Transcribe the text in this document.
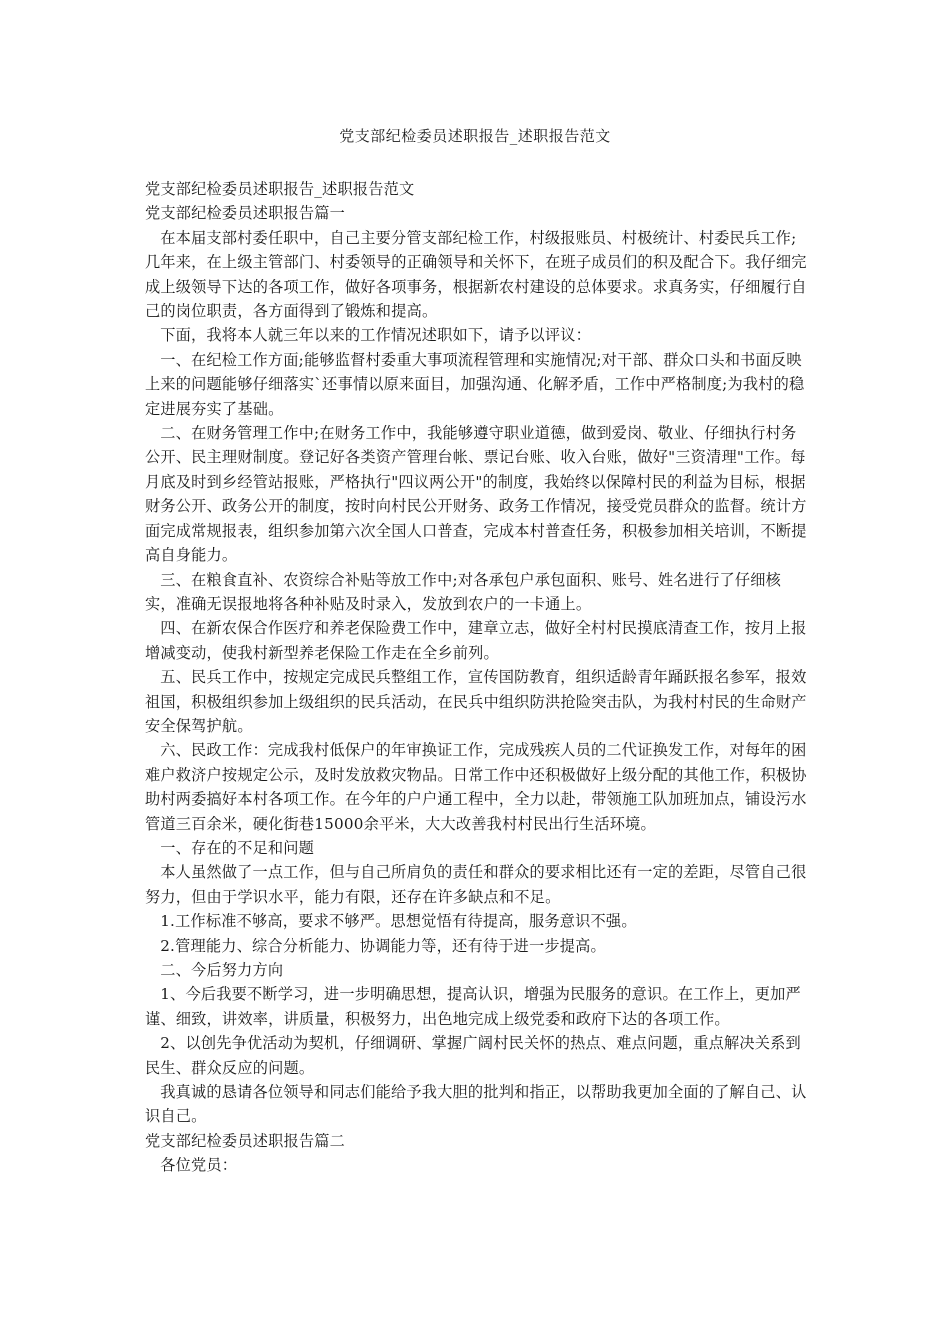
党支部纪检委员述职报告_述职报告范文

党支部纪检委员述职报告_述职报告范文

党支部纪检委员述职报告篇一

在本届支部村委任职中，自己主要分管支部纪检工作，村级报账员、村极统计、村委民兵工作;几年来，在上级主管部门、村委领导的正确领导和关怀下，在班子成员们的积及配合下。我仔细完成上级领导下达的各项工作，做好各项事务，根据新农村建设的总体要求。求真务实，仔细履行自己的岗位职责，各方面得到了锻炼和提高。

下面，我将本人就三年以来的工作情况述职如下，请予以评议：

一、在纪检工作方面;能够监督村委重大事项流程管理和实施情况;对干部、群众口头和书面反映上来的问题能够仔细落实`还事情以原来面目，加强沟通、化解矛盾，工作中严格制度;为我村的稳定进展夯实了基础。

二、在财务管理工作中;在财务工作中，我能够遵守职业道德，做到爱岗、敬业、仔细执行村务公开、民主理财制度。登记好各类资产管理台帐、票记台账、收入台账，做好"三资清理"工作。每月底及时到乡经管站报账，严格执行"四议两公开"的制度，我始终以保障村民的利益为目标，根据财务公开、政务公开的制度，按时向村民公开财务、政务工作情况，接受党员群众的监督。统计方面完成常规报表，组织参加第六次全国人口普查，完成本村普查任务，积极参加相关培训，不断提高自身能力。

三、在粮食直补、农资综合补贴等放工作中;对各承包户承包面积、账号、姓名进行了仔细核实，准确无误报地将各种补贴及时录入，发放到农户的一卡通上。

四、在新农保合作医疗和养老保险费工作中，建章立志，做好全村村民摸底清查工作，按月上报增减变动，使我村新型养老保险工作走在全乡前列。

五、民兵工作中，按规定完成民兵整组工作，宣传国防教育，组织适龄青年踊跃报名参军，报效祖国，积极组织参加上级组织的民兵活动，在民兵中组织防洪抢险突击队，为我村村民的生命财产安全保驾护航。

六、民政工作：完成我村低保户的年审换证工作，完成残疾人员的二代证换发工作，对每年的困难户救济户按规定公示，及时发放救灾物品。日常工作中还积极做好上级分配的其他工作，积极协助村两委搞好本村各项工作。在今年的户户通工程中，全力以赴，带领施工队加班加点，铺设污水管道三百余米，硬化街巷15000余平米，大大改善我村村民出行生活环境。

一、存在的不足和问题

本人虽然做了一点工作，但与自己所肩负的责任和群众的要求相比还有一定的差距，尽管自己很努力，但由于学识水平，能力有限，还存在许多缺点和不足。

1.工作标准不够高，要求不够严。思想觉悟有待提高，服务意识不强。

2.管理能力、综合分析能力、协调能力等，还有待于进一步提高。

二、今后努力方向

1、今后我要不断学习，进一步明确思想，提高认识，增强为民服务的意识。在工作上，更加严谨、细致，讲效率，讲质量，积极努力，出色地完成上级党委和政府下达的各项工作。

2、以创先争优活动为契机，仔细调研、掌握广阔村民关怀的热点、难点问题，重点解决关系到民生、群众反应的问题。

我真诚的恳请各位领导和同志们能给予我大胆的批判和指正，以帮助我更加全面的了解自己、认识自己。

党支部纪检委员述职报告篇二

各位党员：
